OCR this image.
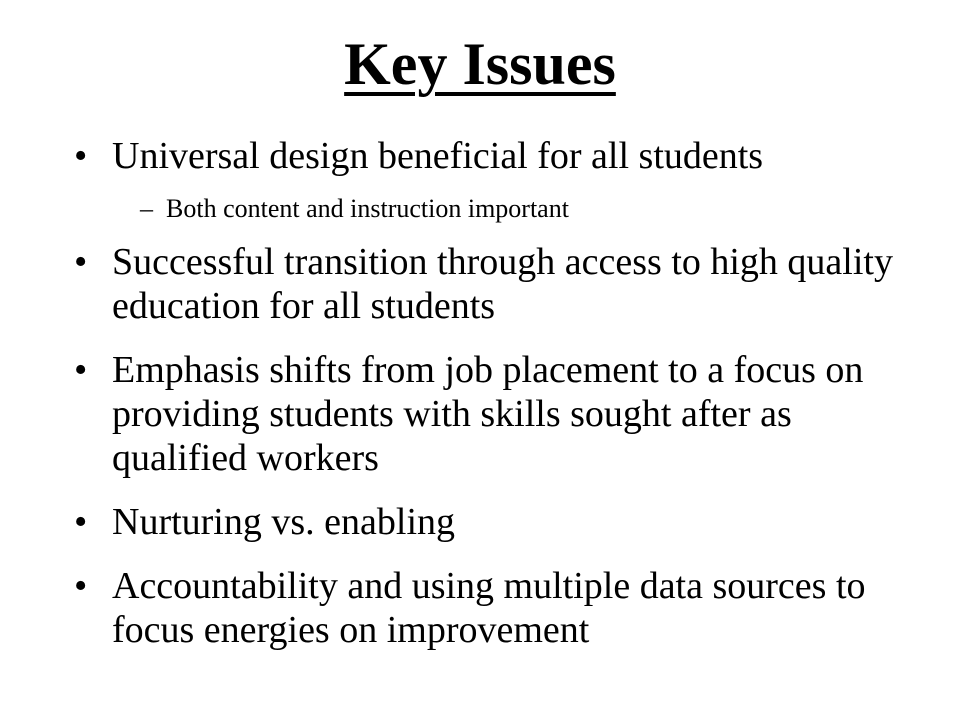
Key Issues
• Universal design beneficial for all students
– Both content and instruction important
• Successful transition through access to high quality education for all students
• Emphasis shifts from job placement to a focus on providing students with skills sought after as qualified workers
• Nurturing vs. enabling
• Accountability and using multiple data sources to focus energies on improvement
